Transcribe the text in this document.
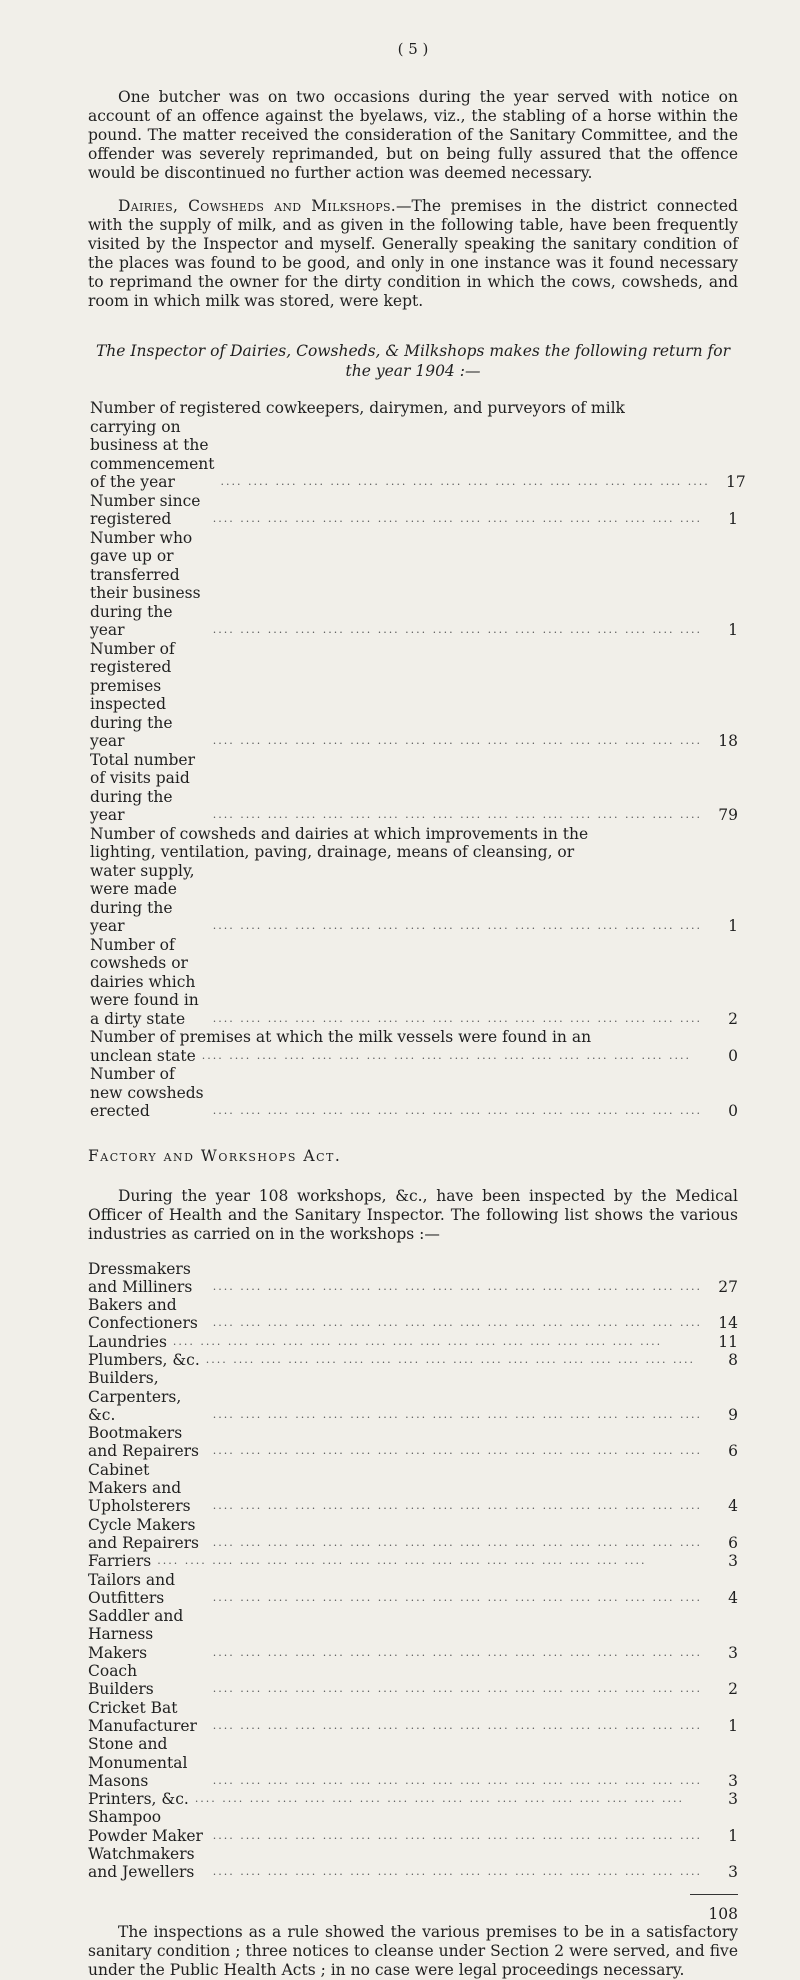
( 5 )

One butcher was on two occasions during the year served with notice on account of an offence against the byelaws, viz., the stabling of a horse within the pound. The matter received the consideration of the Sanitary Committee, and the offender was severely reprimanded, but on being fully assured that the offence would be discontinued no further action was deemed necessary.

Dairies, Cowsheds and Milkshops.—The premises in the district connected with the supply of milk, and as given in the following table, have been frequently visited by the Inspector and myself. Generally speaking the sanitary condition of the places was found to be good, and only in one instance was it found necessary to reprimand the owner for the dirty condition in which the cows, cowsheds, and room in which milk was stored, were kept.

The Inspector of Dairies, Cowsheds, & Milkshops makes the following return for the year 1904 :—
Number of registered cowkeepers, dairymen, and purveyors of milk
carrying on business at the commencement of the year	.... .... .... .... .... .... .... .... .... .... .... .... .... .... .... .... .... ....	17
Number since registered	.... .... .... .... .... .... .... .... .... .... .... .... .... .... .... .... .... ....	1
Number who gave up or transferred their business during the year	.... .... .... .... .... .... .... .... .... .... .... .... .... .... .... .... .... ....	1
Number of registered premises inspected during the year	.... .... .... .... .... .... .... .... .... .... .... .... .... .... .... .... .... ....	18
Total number of visits paid during the year	.... .... .... .... .... .... .... .... .... .... .... .... .... .... .... .... .... ....	79
Number of cowsheds and dairies at which improvements in the
lighting, ventilation, paving, drainage, means of cleansing, or
water supply, were made during the year	.... .... .... .... .... .... .... .... .... .... .... .... .... .... .... .... .... ....	1
Number of cowsheds or dairies which were found in a dirty state	.... .... .... .... .... .... .... .... .... .... .... .... .... .... .... .... .... ....	2
Number of premises at which the milk vessels were found in an
unclean state .... .... .... .... .... .... .... .... .... .... .... .... .... .... .... .... .... ....	0
Number of new cowsheds erected	.... .... .... .... .... .... .... .... .... .... .... .... .... .... .... .... .... ....	0
Factory and Workshops Act.

During the year 108 workshops, &c., have been inspected by the Medical Officer of Health and the Sanitary Inspector. The following list shows the various industries as carried on in the workshops :—

Dressmakers and Milliners	.... .... .... .... .... .... .... .... .... .... .... .... .... .... .... .... .... ....	27
Bakers and Confectioners	.... .... .... .... .... .... .... .... .... .... .... .... .... .... .... .... .... ....	14
Laundries .... .... .... .... .... .... .... .... .... .... .... .... .... .... .... .... .... ....	11
Plumbers, &c. .... .... .... .... .... .... .... .... .... .... .... .... .... .... .... .... .... ....	8
Builders, Carpenters, &c.	.... .... .... .... .... .... .... .... .... .... .... .... .... .... .... .... .... ....	9
Bootmakers and Repairers	.... .... .... .... .... .... .... .... .... .... .... .... .... .... .... .... .... ....	6
Cabinet Makers and Upholsterers	.... .... .... .... .... .... .... .... .... .... .... .... .... .... .... .... .... ....	4
Cycle Makers and Repairers	.... .... .... .... .... .... .... .... .... .... .... .... .... .... .... .... .... ....	6
Farriers .... .... .... .... .... .... .... .... .... .... .... .... .... .... .... .... .... ....	3
Tailors and Outfitters	.... .... .... .... .... .... .... .... .... .... .... .... .... .... .... .... .... ....	4
Saddler and Harness Makers	.... .... .... .... .... .... .... .... .... .... .... .... .... .... .... .... .... ....	3
Coach Builders	.... .... .... .... .... .... .... .... .... .... .... .... .... .... .... .... .... ....	2
Cricket Bat Manufacturer	.... .... .... .... .... .... .... .... .... .... .... .... .... .... .... .... .... ....	1
Stone and Monumental Masons	.... .... .... .... .... .... .... .... .... .... .... .... .... .... .... .... .... ....	3
Printers, &c. .... .... .... .... .... .... .... .... .... .... .... .... .... .... .... .... .... ....	3
Shampoo Powder Maker .... .... .... .... .... .... .... .... .... .... .... .... .... .... .... .... .... ....	1
Watchmakers and Jewellers	.... .... .... .... .... .... .... .... .... .... .... .... .... .... .... .... .... ....	3
108

The inspections as a rule showed the various premises to be in a satisfactory sanitary condition ; three notices to cleanse under Section 2 were served, and five under the Public Health Acts ; in no case were legal proceedings necessary.
